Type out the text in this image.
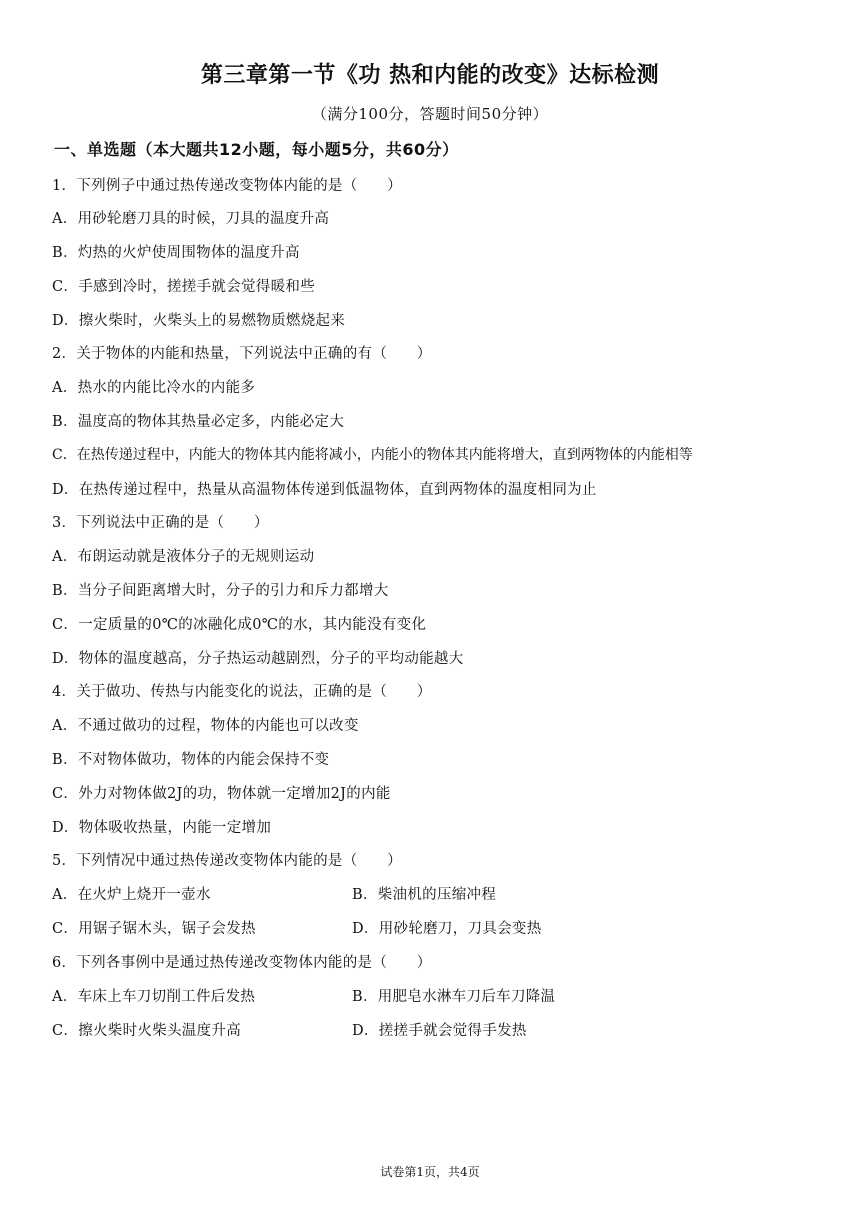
第三章第一节《功 热和内能的改变》达标检测
（满分100分，答题时间50分钟）
一、单选题（本大题共12小题，每小题5分，共60分）
1．下列例子中通过热传递改变物体内能的是（　　）
A．用砂轮磨刀具的时候，刀具的温度升高
B．灼热的火炉使周围物体的温度升高
C．手感到冷时，搓搓手就会觉得暖和些
D．擦火柴时，火柴头上的易燃物质燃烧起来
2．关于物体的内能和热量，下列说法中正确的有（　　）
A．热水的内能比冷水的内能多
B．温度高的物体其热量必定多，内能必定大
C．在热传递过程中，内能大的物体其内能将减小，内能小的物体其内能将增大，直到两物体的内能相等
D．在热传递过程中，热量从高温物体传递到低温物体，直到两物体的温度相同为止
3．下列说法中正确的是（　　）
A．布朗运动就是液体分子的无规则运动
B．当分子间距离增大时，分子的引力和斥力都增大
C．一定质量的0℃的冰融化成0℃的水，其内能没有变化
D．物体的温度越高，分子热运动越剧烈，分子的平均动能越大
4．关于做功、传热与内能变化的说法，正确的是（　　）
A．不通过做功的过程，物体的内能也可以改变
B．不对物体做功，物体的内能会保持不变
C．外力对物体做2J的功，物体就一定增加2J的内能
D．物体吸收热量，内能一定增加
5．下列情况中通过热传递改变物体内能的是（　　）
A．在火炉上烧开一壶水	B．柴油机的压缩冲程
C．用锯子锯木头，锯子会发热	D．用砂轮磨刀，刀具会变热
6．下列各事例中是通过热传递改变物体内能的是（　　）
A．车床上车刀切削工件后发热	B．用肥皂水淋车刀后车刀降温
C．擦火柴时火柴头温度升高	D．搓搓手就会觉得手发热
试卷第1页，共4页
